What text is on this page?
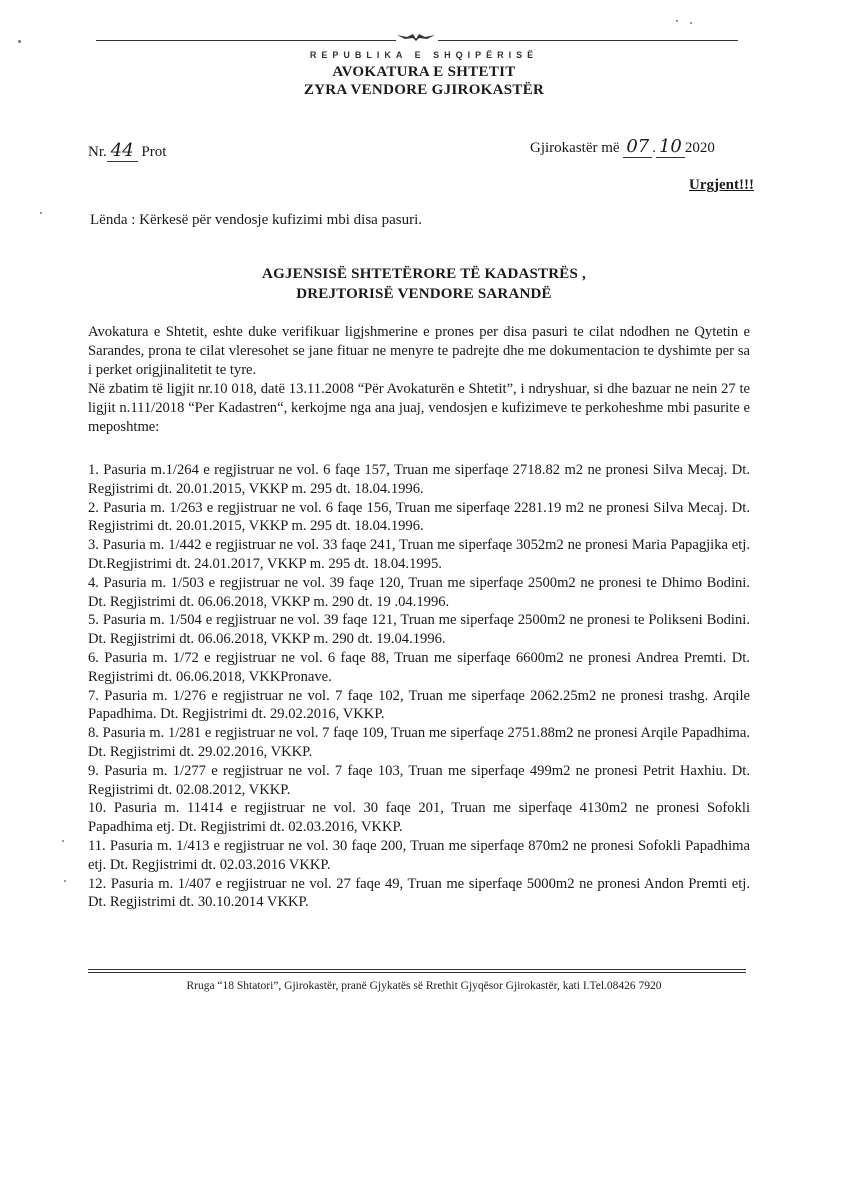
REPUBLIKA E SHQIPËRISË
AVOKATURA E SHTETIT
ZYRA VENDORE GJIROKASTËR
Nr. 44 Prot	Gjirokastër më 07 . 10 2020
Urgjent!!!
Lënda : Kërkesë për vendosje kufizimi mbi disa pasuri.
AGJENSISË SHTETËRORE TË KADASTRËS ,
DREJTORISË VENDORE SARANDË
Avokatura e Shtetit, eshte duke verifikuar ligjshmerine e prones per disa pasuri te cilat ndodhen ne Qytetin e Sarandes, prona te cilat vleresohet se jane fituar ne menyre te padrejte dhe me dokumentacion te dyshimte per sa i perket origjinalitetit te tyre.
Në zbatim të ligjit nr.10 018, datë 13.11.2008 “Për Avokaturën e Shtetit”, i ndryshuar, si dhe bazuar ne nein 27 te ligjit n.111/2018 “Per Kadastren“, kerkojme nga ana juaj, vendosjen e kufizimeve te perkoheshme mbi pasurite e meposhtme:

1. Pasuria m.1/264 e regjistruar ne vol. 6 faqe 157, Truan me siperfaqe 2718.82 m2 ne pronesi Silva Mecaj. Dt. Regjistrimi dt. 20.01.2015, VKKP m. 295 dt. 18.04.1996.

2. Pasuria m. 1/263 e regjistruar ne vol. 6 faqe 156, Truan me siperfaqe 2281.19 m2 ne pronesi Silva Mecaj. Dt. Regjistrimi dt. 20.01.2015, VKKP m. 295 dt. 18.04.1996.

3. Pasuria m. 1/442 e regjistruar ne vol. 33 faqe 241, Truan me siperfaqe 3052m2 ne pronesi Maria Papagjika etj. Dt.Regjistrimi dt. 24.01.2017, VKKP m. 295 dt. 18.04.1995.

4. Pasuria m. 1/503 e regjistruar ne vol. 39 faqe 120, Truan me siperfaqe 2500m2 ne pronesi te Dhimo Bodini. Dt. Regjistrimi dt. 06.06.2018, VKKP m. 290 dt. 19 .04.1996.

5. Pasuria m. 1/504 e regjistruar ne vol. 39 faqe 121, Truan me siperfaqe 2500m2 ne pronesi te Polikseni Bodini. Dt. Regjistrimi dt. 06.06.2018, VKKP m. 290 dt. 19.04.1996.

6. Pasuria m. 1/72 e regjistruar ne vol. 6 faqe 88, Truan me siperfaqe 6600m2 ne pronesi Andrea Premti. Dt. Regjistrimi dt. 06.06.2018, VKKPronave.

7. Pasuria m. 1/276 e regjistruar ne vol. 7 faqe 102, Truan me siperfaqe 2062.25m2 ne pronesi trashg. Arqile Papadhima. Dt. Regjistrimi dt. 29.02.2016, VKKP.

8. Pasuria m. 1/281 e regjistruar ne vol. 7 faqe 109, Truan me siperfaqe 2751.88m2 ne pronesi Arqile Papadhima. Dt. Regjistrimi dt. 29.02.2016, VKKP.

9. Pasuria m. 1/277 e regjistruar ne vol. 7 faqe 103, Truan me siperfaqe 499m2 ne pronesi Petrit Haxhiu. Dt. Regjistrimi dt. 02.08.2012, VKKP.

10. Pasuria m. 11414 e regjistruar ne vol. 30 faqe 201, Truan me siperfaqe 4130m2 ne pronesi Sofokli Papadhima etj. Dt. Regjistrimi dt. 02.03.2016, VKKP.

11. Pasuria m. 1/413 e regjistruar ne vol. 30 faqe 200, Truan me siperfaqe 870m2 ne pronesi Sofokli Papadhima etj. Dt. Regjistrimi dt. 02.03.2016 VKKP.

12. Pasuria m. 1/407 e regjistruar ne vol. 27 faqe 49, Truan me siperfaqe 5000m2 ne pronesi Andon Premti etj. Dt. Regjistrimi dt. 30.10.2014 VKKP.

Rruga “18 Shtatori”, Gjirokastër, pranë Gjykatës së Rrethit Gjyqësor Gjirokastër, kati I.Tel.08426 7920
